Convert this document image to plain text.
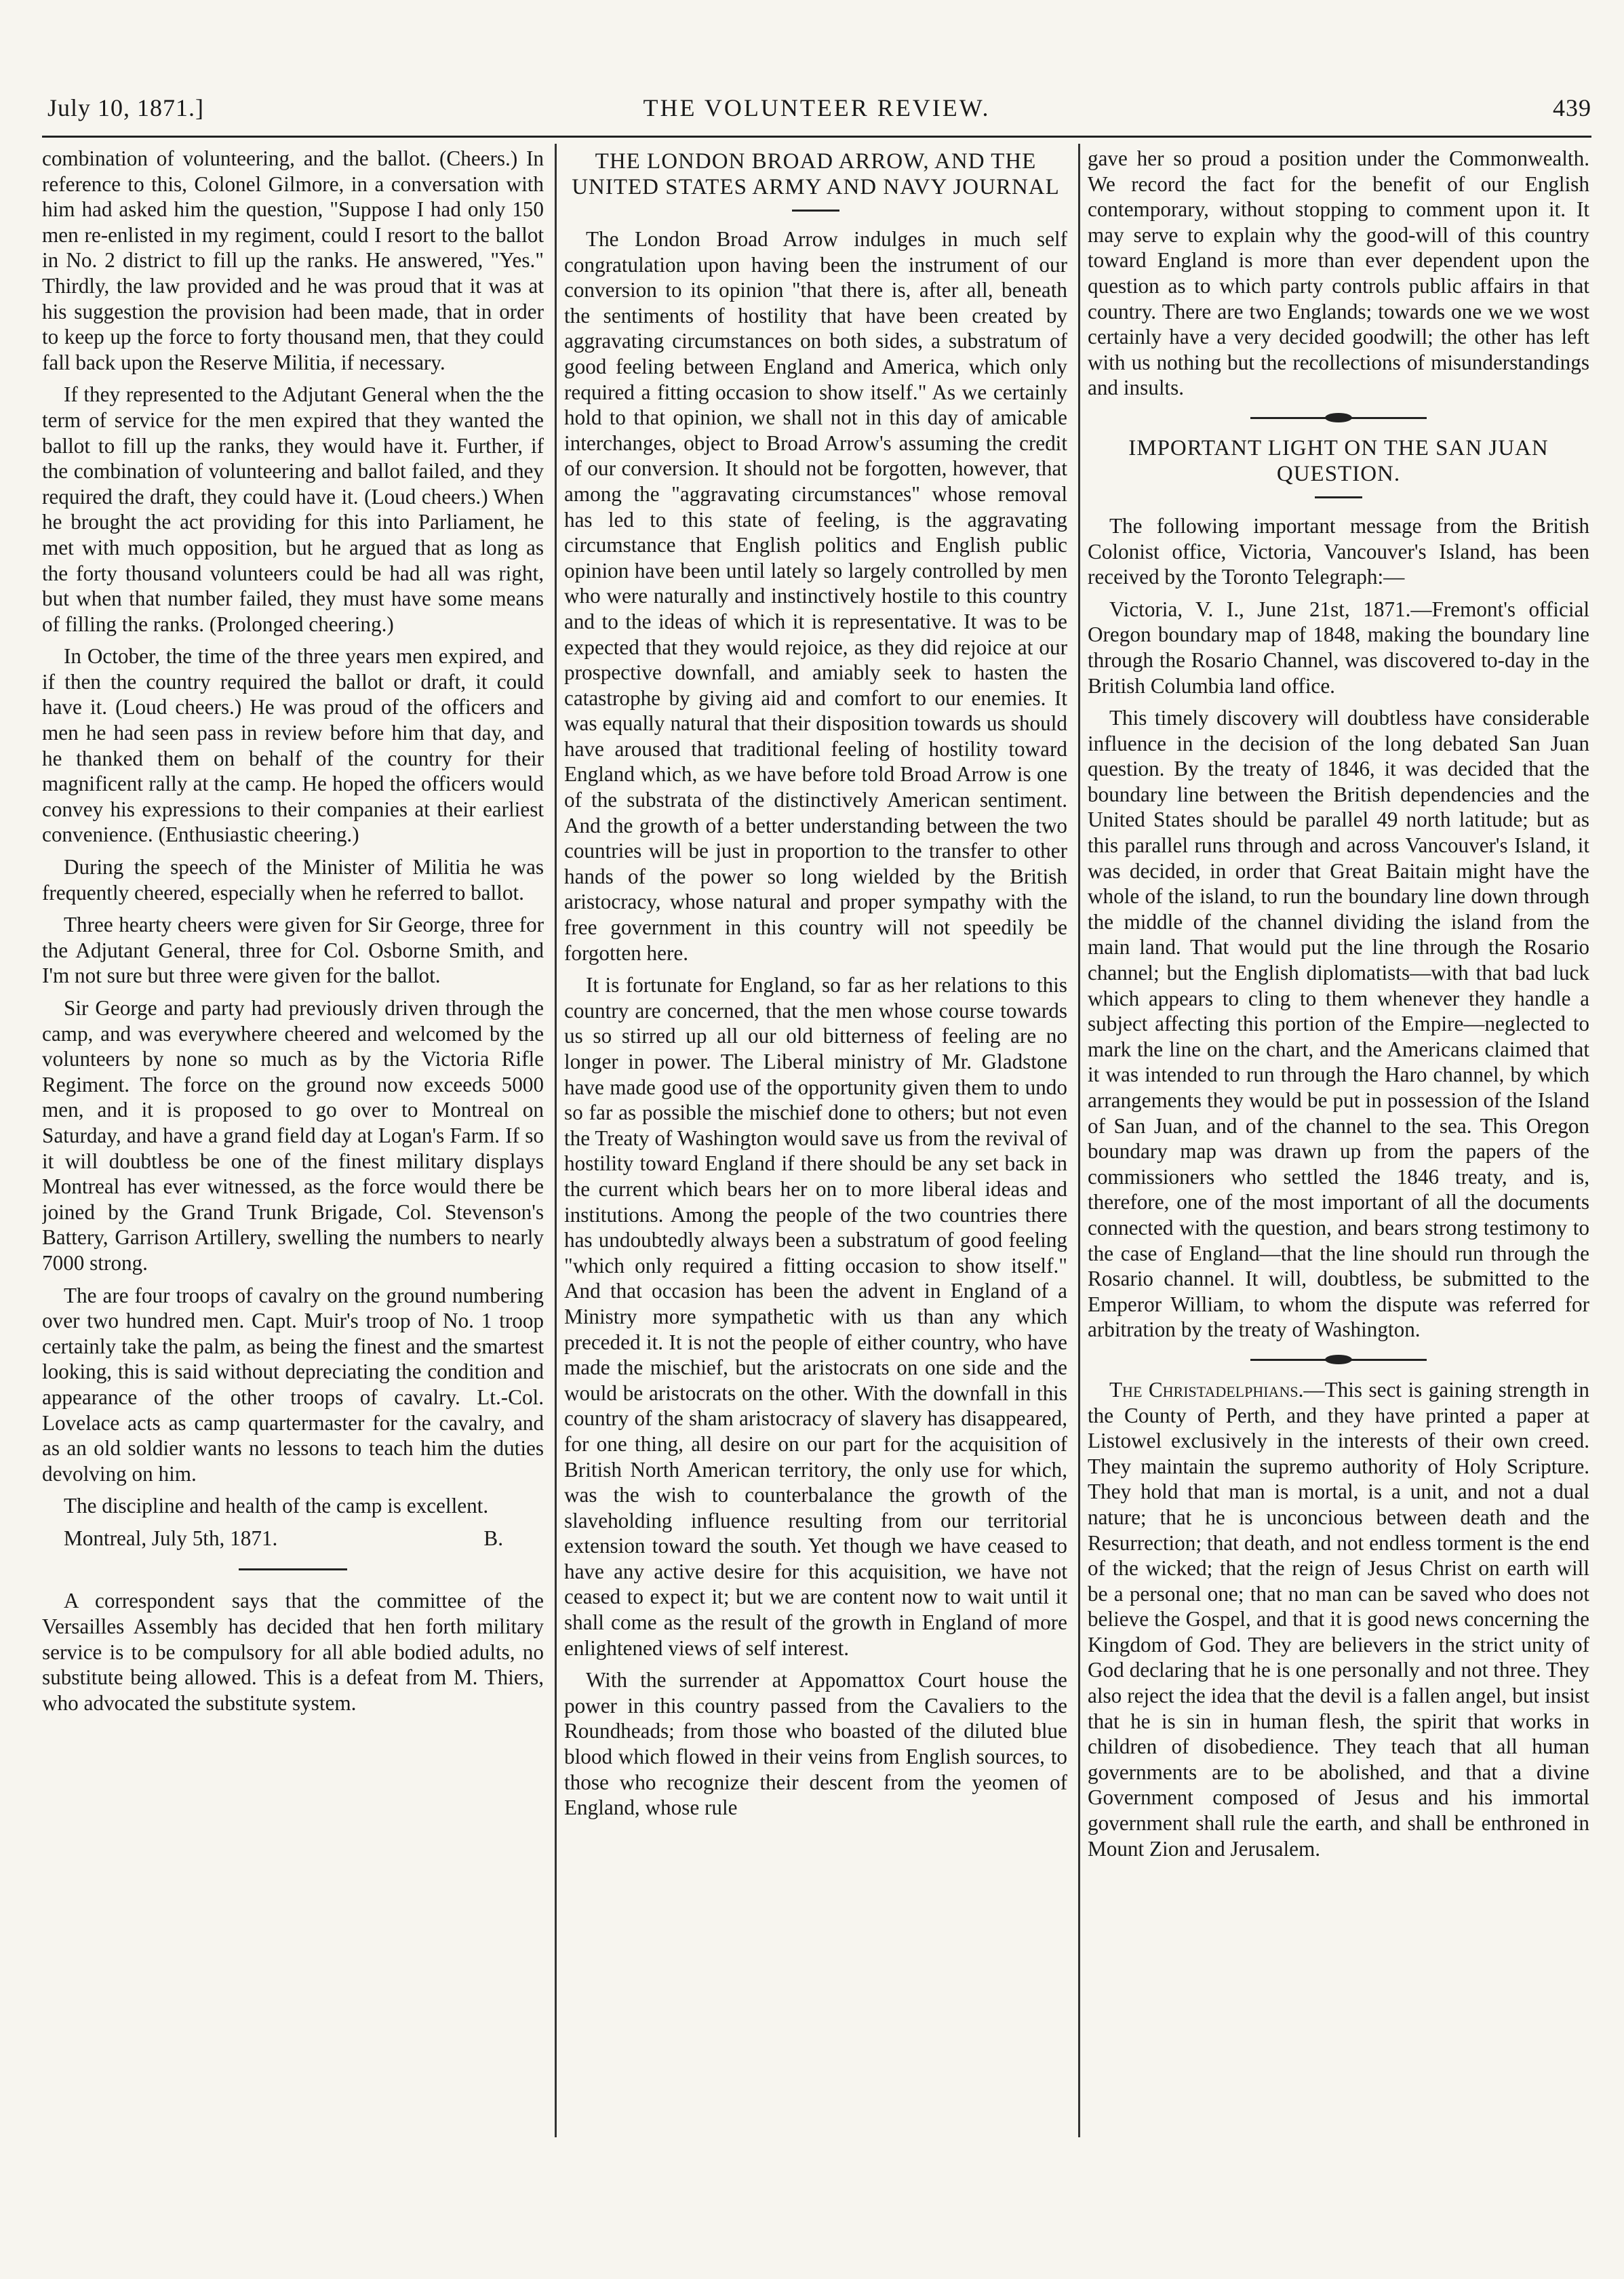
July 10, 1871.]	THE VOLUNTEER REVIEW.	439

combination of volunteering, and the ballot. (Cheers.) In reference to this, Colonel Gilmore, in a conversation with him had asked him the question, "Suppose I had only 150 men re-enlisted in my regiment, could I resort to the ballot in No. 2 district to fill up the ranks. He answered, "Yes." Thirdly, the law provided and he was proud that it was at his suggestion the provision had been made, that in order to keep up the force to forty thousand men, that they could fall back upon the Reserve Militia, if necessary.

If they represented to the Adjutant General when the the term of service for the men expired that they wanted the ballot to fill up the ranks, they would have it. Further, if the combination of volunteering and ballot failed, and they required the draft, they could have it. (Loud cheers.) When he brought the act providing for this into Parliament, he met with much opposition, but he argued that as long as the forty thousand volunteers could be had all was right, but when that number failed, they must have some means of filling the ranks. (Prolonged cheering.)

In October, the time of the three years men expired, and if then the country required the ballot or draft, it could have it. (Loud cheers.) He was proud of the officers and men he had seen pass in review before him that day, and he thanked them on behalf of the country for their magnificent rally at the camp. He hoped the officers would convey his expressions to their companies at their earliest convenience. (Enthusiastic cheering.)

During the speech of the Minister of Militia he was frequently cheered, especially when he referred to ballot.

Three hearty cheers were given for Sir George, three for the Adjutant General, three for Col. Osborne Smith, and I'm not sure but three were given for the ballot.

Sir George and party had previously driven through the camp, and was everywhere cheered and welcomed by the volunteers by none so much as by the Victoria Rifle Regiment. The force on the ground now exceeds 5000 men, and it is proposed to go over to Montreal on Saturday, and have a grand field day at Logan's Farm. If so it will doubtless be one of the finest military displays Montreal has ever witnessed, as the force would there be joined by the Grand Trunk Brigade, Col. Stevenson's Battery, Garrison Artillery, swelling the numbers to nearly 7000 strong.

The are four troops of cavalry on the ground numbering over two hundred men. Capt. Muir's troop of No. 1 troop certainly take the palm, as being the finest and the smartest looking, this is said without depreciating the condition and appearance of the other troops of cavalry. Lt.-Col. Lovelace acts as camp quartermaster for the cavalry, and as an old soldier wants no lessons to teach him the duties devolving on him.

The discipline and health of the camp is excellent.

Montreal, July 5th, 1871.	B.

A correspondent says that the committee of the Versailles Assembly has decided that hen forth military service is to be compulsory for all able bodied adults, no substitute being allowed. This is a defeat from M. Thiers, who advocated the substitute system.

THE LONDON BROAD ARROW, AND THE UNITED STATES ARMY AND NAVY JOURNAL

The London Broad Arrow indulges in much self congratulation upon having been the instrument of our conversion to its opinion "that there is, after all, beneath the sentiments of hostility that have been created by aggravating circumstances on both sides, a substratum of good feeling between England and America, which only required a fitting occasion to show itself." As we certainly hold to that opinion, we shall not in this day of amicable interchanges, object to Broad Arrow's assuming the credit of our conversion. It should not be forgotten, however, that among the "aggravating circumstances" whose removal has led to this state of feeling, is the aggravating circumstance that English politics and English public opinion have been until lately so largely controlled by men who were naturally and instinctively hostile to this country and to the ideas of which it is representative. It was to be expected that they would rejoice, as they did rejoice at our prospective downfall, and amiably seek to hasten the catastrophe by giving aid and comfort to our enemies. It was equally natural that their disposition towards us should have aroused that traditional feeling of hostility toward England which, as we have before told Broad Arrow is one of the substrata of the distinctively American sentiment. And the growth of a better understanding between the two countries will be just in proportion to the transfer to other hands of the power so long wielded by the British aristocracy, whose natural and proper sympathy with the free government in this country will not speedily be forgotten here.

It is fortunate for England, so far as her relations to this country are concerned, that the men whose course towards us so stirred up all our old bitterness of feeling are no longer in power. The Liberal ministry of Mr. Gladstone have made good use of the opportunity given them to undo so far as possible the mischief done to others; but not even the Treaty of Washington would save us from the revival of hostility toward England if there should be any set back in the current which bears her on to more liberal ideas and institutions. Among the people of the two countries there has undoubtedly always been a substratum of good feeling "which only required a fitting occasion to show itself." And that occasion has been the advent in England of a Ministry more sympathetic with us than any which preceded it. It is not the people of either country, who have made the mischief, but the aristocrats on one side and the would be aristocrats on the other. With the downfall in this country of the sham aristocracy of slavery has disappeared, for one thing, all desire on our part for the acquisition of British North American territory, the only use for which, was the wish to counterbalance the growth of the slaveholding influence resulting from our territorial extension toward the south. Yet though we have ceased to have any active desire for this acquisition, we have not ceased to expect it; but we are content now to wait until it shall come as the result of the growth in England of more enlightened views of self interest.

With the surrender at Appomattox Court house the power in this country passed from the Cavaliers to the Roundheads; from those who boasted of the diluted blue blood which flowed in their veins from English sources, to those who recognize their descent from the yeomen of England, whose rule

gave her so proud a position under the Commonwealth. We record the fact for the benefit of our English contemporary, without stopping to comment upon it. It may serve to explain why the good-will of this country toward England is more than ever dependent upon the question as to which party controls public affairs in that country. There are two Englands; towards one we we wost certainly have a very decided goodwill; the other has left with us nothing but the recollections of misunderstandings and insults.

IMPORTANT LIGHT ON THE SAN JUAN QUESTION.

The following important message from the British Colonist office, Victoria, Vancouver's Island, has been received by the Toronto Telegraph:—

Victoria, V. I., June 21st, 1871.—Fremont's official Oregon boundary map of 1848, making the boundary line through the Rosario Channel, was discovered to-day in the British Columbia land office.

This timely discovery will doubtless have considerable influence in the decision of the long debated San Juan question. By the treaty of 1846, it was decided that the boundary line between the British dependencies and the United States should be parallel 49 north latitude; but as this parallel runs through and across Vancouver's Island, it was decided, in order that Great Baitain might have the whole of the island, to run the boundary line down through the middle of the channel dividing the island from the main land. That would put the line through the Rosario channel; but the English diplomatists—with that bad luck which appears to cling to them whenever they handle a subject affecting this portion of the Empire—neglected to mark the line on the chart, and the Americans claimed that it was intended to run through the Haro channel, by which arrangements they would be put in possession of the Island of San Juan, and of the channel to the sea. This Oregon boundary map was drawn up from the papers of the commissioners who settled the 1846 treaty, and is, therefore, one of the most important of all the documents connected with the question, and bears strong testimony to the case of England—that the line should run through the Rosario channel. It will, doubtless, be submitted to the Emperor William, to whom the dispute was referred for arbitration by the treaty of Washington.

The Christadelphians.—This sect is gaining strength in the County of Perth, and they have printed a paper at Listowel exclusively in the interests of their own creed. They maintain the supremo authority of Holy Scripture. They hold that man is mortal, is a unit, and not a dual nature; that he is unconcious between death and the Resurrection; that death, and not endless torment is the end of the wicked; that the reign of Jesus Christ on earth will be a personal one; that no man can be saved who does not believe the Gospel, and that it is good news concerning the Kingdom of God. They are believers in the strict unity of God declaring that he is one personally and not three. They also reject the idea that the devil is a fallen angel, but insist that he is sin in human flesh, the spirit that works in children of disobedience. They teach that all human governments are to be abolished, and that a divine Government composed of Jesus and his immortal government shall rule the earth, and shall be enthroned in Mount Zion and Jerusalem.
